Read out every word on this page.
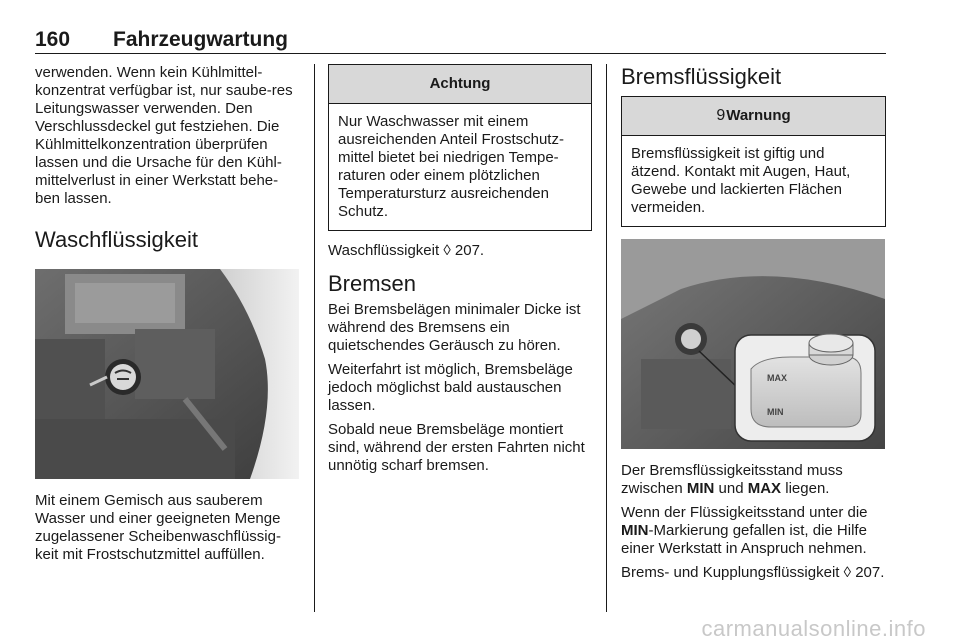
160 Fahrzeugwartung

verwenden. Wenn kein Kühlmittel-konzentrat verfügbar ist, nur saube-res Leitungswasser verwenden. Den Verschlussdeckel gut festziehen. Die Kühlmittelkonzentration überprüfen lassen und die Ursache für den Kühl-mittelverlust in einer Werkstatt behe-ben lassen.

Waschflüssigkeit

Mit einem Gemisch aus sauberem Wasser und einer geeigneten Menge zugelassener Scheibenwaschflüssig-keit mit Frostschutzmittel auffüllen.

Achtung
Nur Waschwasser mit einem ausreichenden Anteil Frostschutz-mittel bietet bei niedrigen Tempe-raturen oder einem plötzlichen Temperatursturz ausreichenden Schutz.

Waschflüssigkeit ◊ 207.

Bremsen

Bei Bremsbelägen minimaler Dicke ist während des Bremsens ein quietschendes Geräusch zu hören.

Weiterfahrt ist möglich, Bremsbeläge jedoch möglichst bald austauschen lassen.

Sobald neue Bremsbeläge montiert sind, während der ersten Fahrten nicht unnötig scharf bremsen.

Bremsflüssigkeit
9Warnung
Bremsflüssigkeit ist giftig und ätzend. Kontakt mit Augen, Haut, Gewebe und lackierten Flächen vermeiden.
MAX
MIN

Der Bremsflüssigkeitsstand muss zwischen MIN und MAX liegen.

Wenn der Flüssigkeitsstand unter die MIN-Markierung gefallen ist, die Hilfe einer Werkstatt in Anspruch nehmen.

Brems- und Kupplungsflüssigkeit ◊ 207.

carmanualsonline.info
